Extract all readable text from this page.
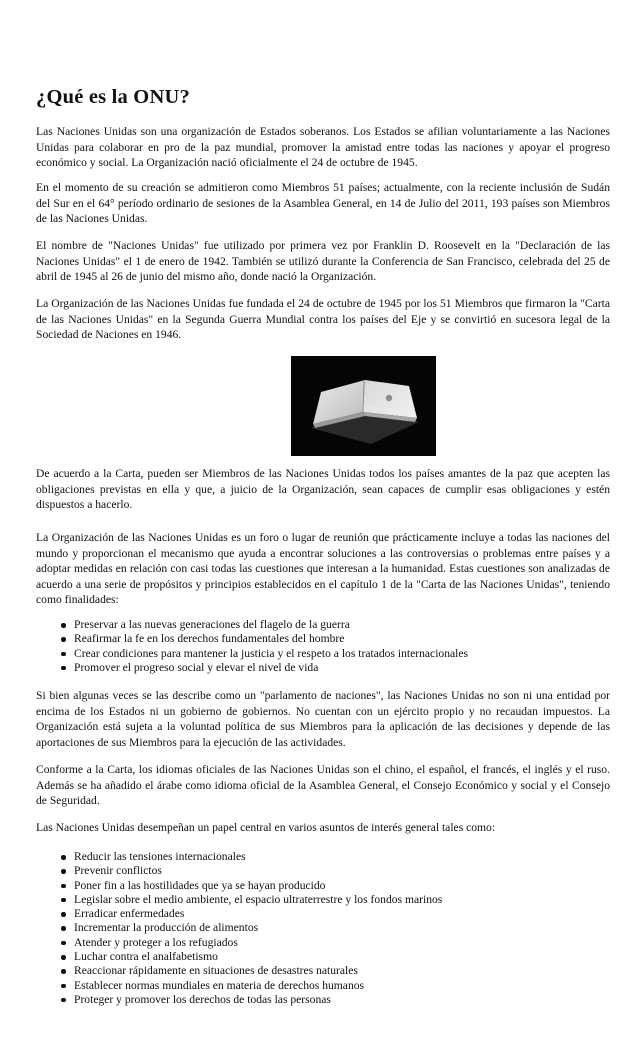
¿Qué es la ONU?

Las Naciones Unidas son una organización de Estados soberanos. Los Estados se afilian voluntariamente a las Naciones Unidas para colaborar en pro de la paz mundial, promover la amistad entre todas las naciones y apoyar el progreso económico y social. La Organización nació oficialmente el 24 de octubre de 1945.

En el momento de su creación se admitieron como Miembros 51 países; actualmente, con la reciente inclusión de Sudán del Sur en el 64° período ordinario de sesiones de la Asamblea General, en 14 de Julio del 2011, 193 países son Miembros de las Naciones Unidas.

El nombre de "Naciones Unidas" fue utilizado por primera vez por Franklin D. Roosevelt en la "Declaración de las Naciones Unidas" el 1 de enero de 1942. También se utilizó durante la Conferencia de San Francisco, celebrada del 25 de abril de 1945 al 26 de junio del mismo año, donde nació la Organización.

La Organización de las Naciones Unidas fue fundada el 24 de octubre de 1945 por los 51 Miembros que firmaron la "Carta de las Naciones Unidas" en la Segunda Guerra Mundial contra los países del Eje y se convirtió en sucesora legal de la Sociedad de Naciones en 1946.

De acuerdo a la Carta, pueden ser Miembros de las Naciones Unidas todos los países amantes de la paz que acepten las obligaciones previstas en ella y que, a juicio de la Organización, sean capaces de cumplir esas obligaciones y estén dispuestos a hacerlo.

La Organización de las Naciones Unidas es un foro o lugar de reunión que prácticamente incluye a todas las naciones del mundo y proporcionan el mecanismo que ayuda a encontrar soluciones a las controversias o problemas entre países y a adoptar medidas en relación con casi todas las cuestiones que interesan a la humanidad. Estas cuestiones son analizadas de acuerdo a una serie de propósitos y principios establecidos en el capítulo 1 de la "Carta de las Naciones Unidas", teniendo como finalidades:

Preservar a las nuevas generaciones del flagelo de la guerra
Reafirmar la fe en los derechos fundamentales del hombre
Crear condiciones para mantener la justicia y el respeto a los tratados internacionales
Promover el progreso social y elevar el nivel de vida

Si bien algunas veces se las describe como un "parlamento de naciones", las Naciones Unidas no son ni una entidad por encima de los Estados ni un gobierno de gobiernos. No cuentan con un ejército propio y no recaudan impuestos. La Organización está sujeta a la voluntad política de sus Miembros para la aplicación de las decisiones y depende de las aportaciones de sus Miembros para la ejecución de las actividades.

Conforme a la Carta, los idiomas oficiales de las Naciones Unidas son el chino, el español, el francés, el inglés y el ruso. Además se ha añadido el árabe como idioma oficial de la Asamblea General, el Consejo Económico y social y el Consejo de Seguridad.

Las Naciones Unidas desempeñan un papel central en varios asuntos de interés general tales como:

Reducir las tensiones internacionales
Prevenir conflictos
Poner fin a las hostilidades que ya se hayan producido
Legislar sobre el medio ambiente, el espacio ultraterrestre y los fondos marinos
Erradicar enfermedades
Incrementar la producción de alimentos
Atender y proteger a los refugiados
Luchar contra el analfabetismo
Reaccionar rápidamente en situaciones de desastres naturales
Establecer normas mundiales en materia de derechos humanos
Proteger y promover los derechos de todas las personas
